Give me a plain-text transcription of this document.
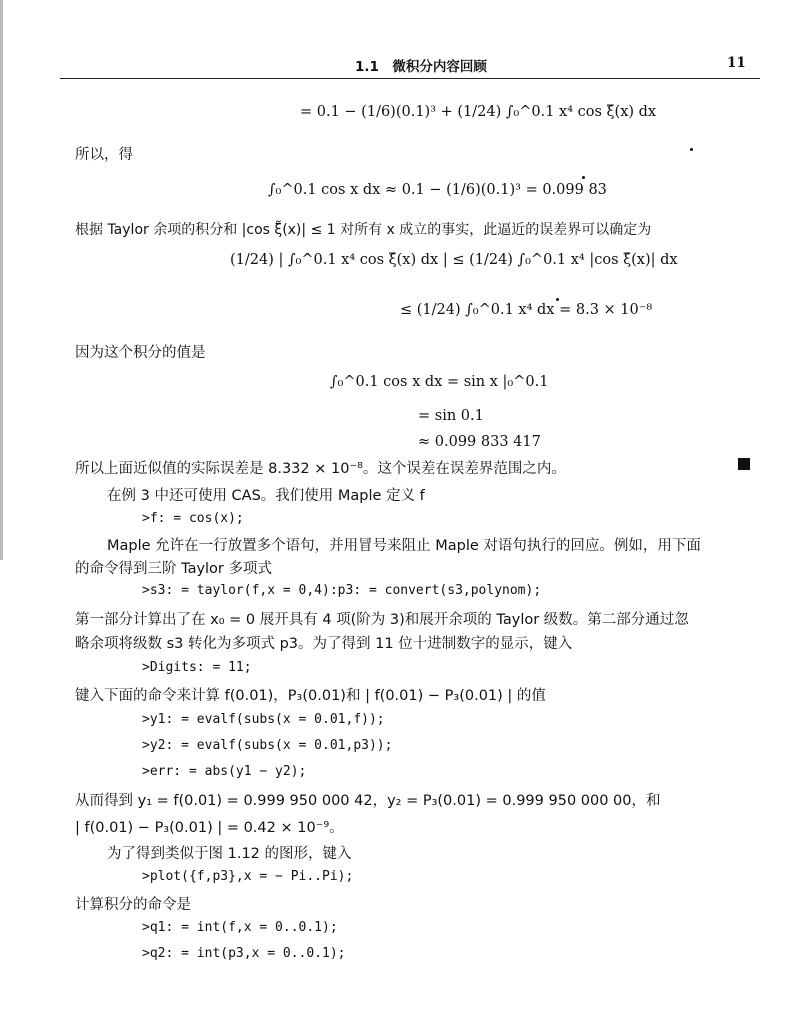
1.1　微积分内容回顾	11
= 0.1 − (1/6)(0.1)³ + (1/24) ∫₀^0.1 x⁴ cos ξ̃(x) dx
所以，得
∫₀^0.1 cos x dx ≈ 0.1 − (1/6)(0.1)³ = 0.099 83
根据 Taylor 余项的积分和 |cos ξ̃(x)| ≤ 1 对所有 x 成立的事实，此逼近的误差界可以确定为
(1/24) | ∫₀^0.1 x⁴ cos ξ̃(x) dx | ≤ (1/24) ∫₀^0.1 x⁴ |cos ξ̃(x)| dx
≤ (1/24) ∫₀^0.1 x⁴ dx = 8.3 × 10⁻⁸
因为这个积分的值是
∫₀^0.1 cos x dx = sin x |₀^0.1
= sin 0.1
≈ 0.099 833 417
所以上面近似值的实际误差是 8.332 × 10⁻⁸。这个误差在误差界范围之内。
在例 3 中还可使用 CAS。我们使用 Maple 定义 f
>f: = cos(x);
Maple 允许在一行放置多个语句，并用冒号来阻止 Maple 对语句执行的回应。例如，用下面
的命令得到三阶 Taylor 多项式
>s3: = taylor(f,x = 0,4):p3: = convert(s3,polynom);
第一部分计算出了在 x₀ = 0 展开具有 4 项(阶为 3)和展开余项的 Taylor 级数。第二部分通过忽
略余项将级数 s3 转化为多项式 p3。为了得到 11 位十进制数字的显示，键入
>Digits: = 11;
键入下面的命令来计算 f(0.01)，P₃(0.01)和 | f(0.01) − P₃(0.01) | 的值
>y1: = evalf(subs(x = 0.01,f));
>y2: = evalf(subs(x = 0.01,p3));
>err: = abs(y1 − y2);
从而得到 y₁ = f(0.01) = 0.999 950 000 42，y₂ = P₃(0.01) = 0.999 950 000 00，和
| f(0.01) − P₃(0.01) | = 0.42 × 10⁻⁹。
为了得到类似于图 1.12 的图形，键入
>plot({f,p3},x = − Pi..Pi);
计算积分的命令是
>q1: = int(f,x = 0..0.1);
>q2: = int(p3,x = 0..0.1);
